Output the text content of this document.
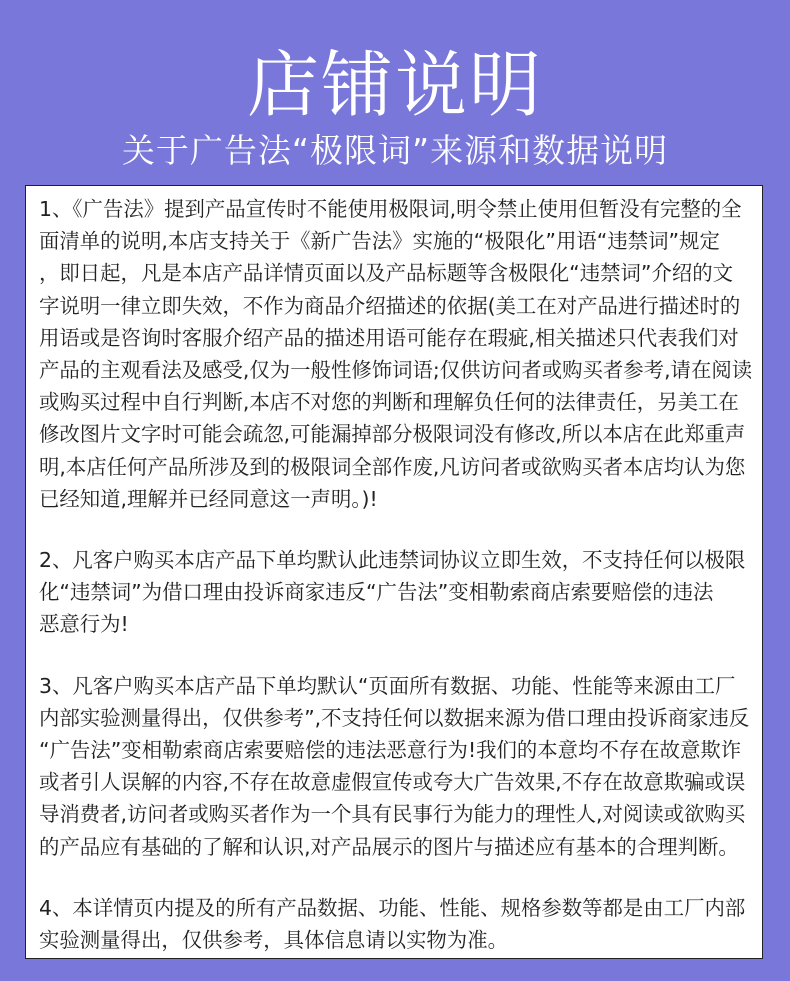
店铺说明
关于广告法“极限词”来源和数据说明
1、《广告法》提到产品宣传时不能使用极限词,明令禁止使用但暂没有完整的全
面清单的说明,本店支持关于《新广告法》实施的“极限化”用语“违禁词”规定
，即日起，凡是本店产品详情页面以及产品标题等含极限化“违禁词”介绍的文
字说明一律立即失效，不作为商品介绍描述的依据(美工在对产品进行描述时的
用语或是咨询时客服介绍产品的描述用语可能存在瑕疵,相关描述只代表我们对
产品的主观看法及感受,仅为一般性修饰词语;仅供访问者或购买者参考,请在阅读
或购买过程中自行判断,本店不对您的判断和理解负任何的法律责任，另美工在
修改图片文字时可能会疏忽,可能漏掉部分极限词没有修改,所以本店在此郑重声
明,本店任何产品所涉及到的极限词全部作废,凡访问者或欲购买者本店均认为您
已经知道,理解并已经同意这一声明。)!
2、凡客户购买本店产品下单均默认此违禁词协议立即生效，不支持任何以极限
化“违禁词”为借口理由投诉商家违反“广告法”变相勒索商店索要赔偿的违法
恶意行为!
3、凡客户购买本店产品下单均默认“页面所有数据、功能、性能等来源由工厂
内部实验测量得出，仅供参考”,不支持任何以数据来源为借口理由投诉商家违反
“广告法”变相勒索商店索要赔偿的违法恶意行为!我们的本意均不存在故意欺诈
或者引人误解的内容,不存在故意虚假宣传或夸大广告效果,不存在故意欺骗或误
导消费者,访问者或购买者作为一个具有民事行为能力的理性人,对阅读或欲购买
的产品应有基础的了解和认识,对产品展示的图片与描述应有基本的合理判断。
4、本详情页内提及的所有产品数据、功能、性能、规格参数等都是由工厂内部
实验测量得出，仅供参考，具体信息请以实物为准。
